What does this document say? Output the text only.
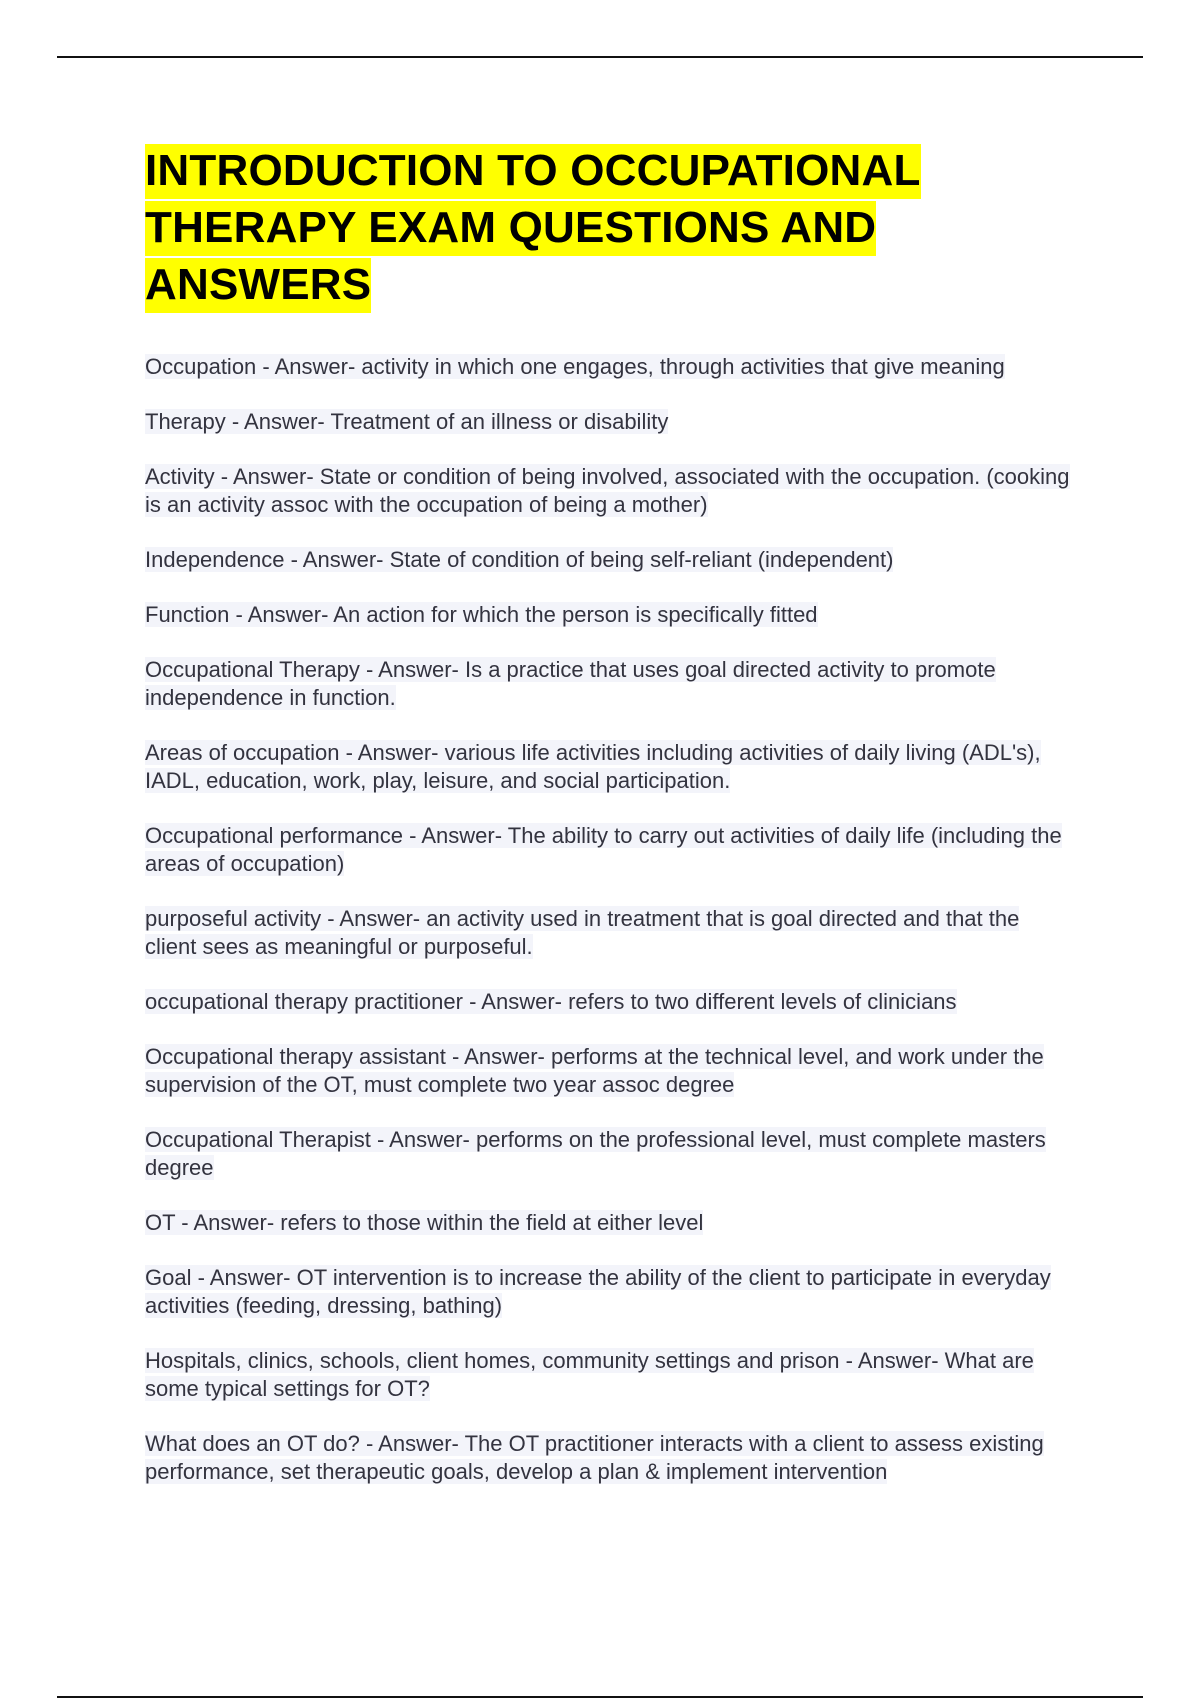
INTRODUCTION TO OCCUPATIONAL THERAPY EXAM QUESTIONS AND ANSWERS
Occupation - Answer- activity in which one engages, through activities that give meaning
Therapy - Answer- Treatment of an illness or disability
Activity - Answer- State or condition of being involved, associated with the occupation. (cooking is an activity assoc with the occupation of being a mother)
Independence - Answer- State of condition of being self-reliant (independent)
Function - Answer- An action for which the person is specifically fitted
Occupational Therapy - Answer- Is a practice that uses goal directed activity to promote independence in function.
Areas of occupation - Answer- various life activities including activities of daily living (ADL's), IADL, education, work, play, leisure, and social participation.
Occupational performance - Answer- The ability to carry out activities of daily life (including the areas of occupation)
purposeful activity - Answer- an activity used in treatment that is goal directed and that the client sees as meaningful or purposeful.
occupational therapy practitioner - Answer- refers to two different levels of clinicians
Occupational therapy assistant - Answer- performs at the technical level, and work under the supervision of the OT, must complete two year assoc degree
Occupational Therapist - Answer- performs on the professional level, must complete masters degree
OT - Answer- refers to those within the field at either level
Goal - Answer- OT intervention is to increase the ability of the client to participate in everyday activities (feeding, dressing, bathing)
Hospitals, clinics, schools, client homes, community settings and prison - Answer- What are some typical settings for OT?
What does an OT do? - Answer- The OT practitioner interacts with a client to assess existing performance, set therapeutic goals, develop a plan & implement intervention
